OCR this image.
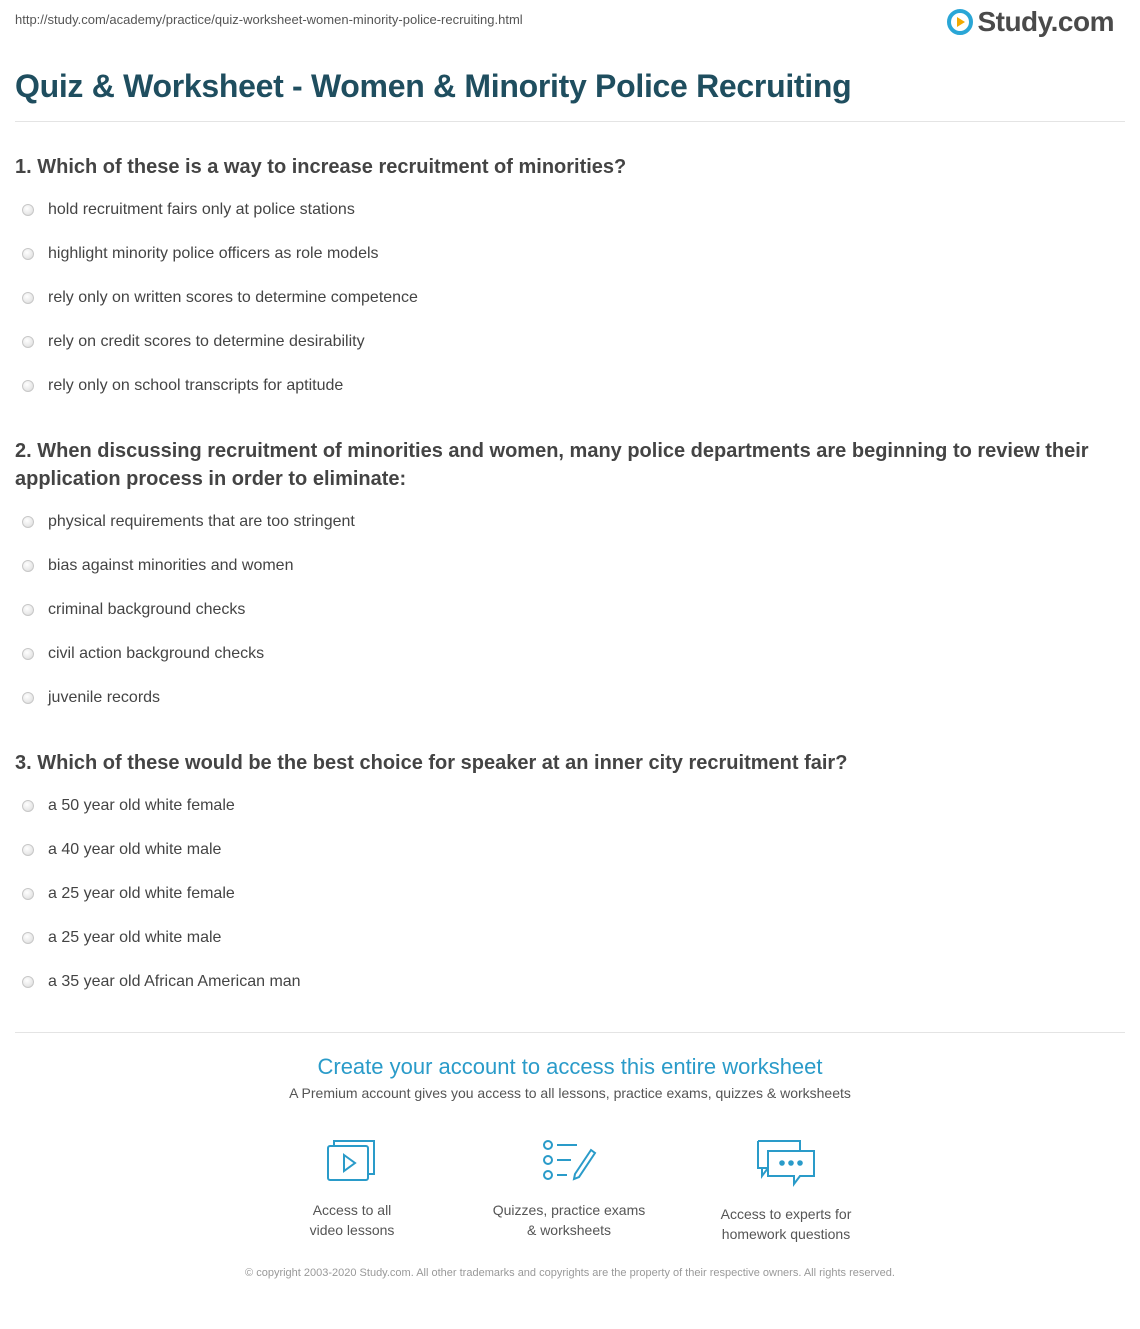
http://study.com/academy/practice/quiz-worksheet-women-minority-police-recruiting.html	Study.com
Quiz & Worksheet - Women & Minority Police Recruiting
1. Which of these is a way to increase recruitment of minorities?
hold recruitment fairs only at police stations
highlight minority police officers as role models
rely only on written scores to determine competence
rely on credit scores to determine desirability
rely only on school transcripts for aptitude
2. When discussing recruitment of minorities and women, many police departments are beginning to review their application process in order to eliminate:
physical requirements that are too stringent
bias against minorities and women
criminal background checks
civil action background checks
juvenile records
3. Which of these would be the best choice for speaker at an inner city recruitment fair?
a 50 year old white female
a 40 year old white male
a 25 year old white female
a 25 year old white male
a 35 year old African American man
Create your account to access this entire worksheet
A Premium account gives you access to all lessons, practice exams, quizzes & worksheets
Access to all
video lessons
Quizzes, practice exams
& worksheets
Access to experts for
homework questions
© copyright 2003-2020 Study.com. All other trademarks and copyrights are the property of their respective owners. All rights reserved.
